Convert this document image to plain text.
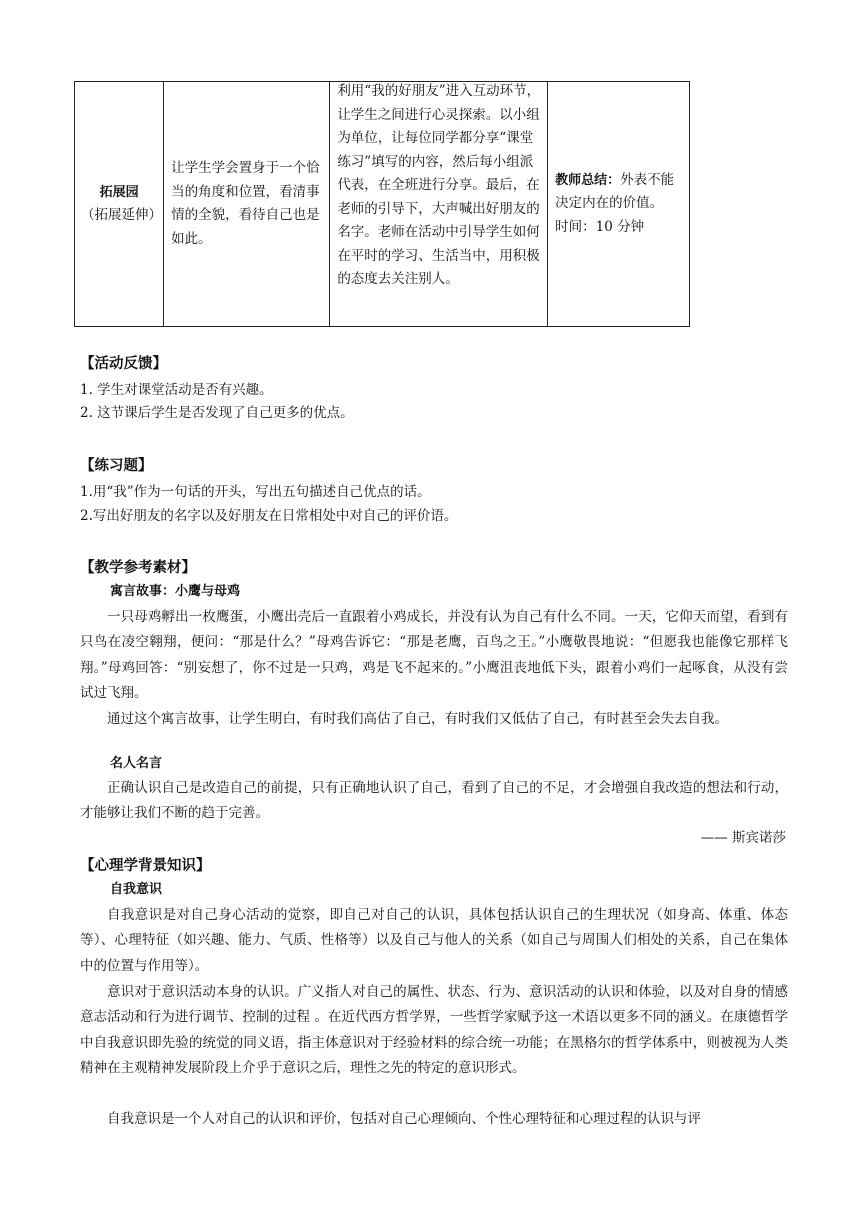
拓展园
（拓展延伸）

让学生学会置身于一个恰当的角度和位置，看清事情的全貌，看待自己也是如此。

利用“我的好朋友”进入互动环节，让学生之间进行心灵探索。以小组为单位，让每位同学都分享“课堂练习”填写的内容，然后每小组派代表，在全班进行分享。最后，在老师的引导下，大声喊出好朋友的名字。老师在活动中引导学生如何在平时的学习、生活当中，用积极的态度去关注别人。

教师总结：外表不能决定内在的价值。
时间：10 分钟

【活动反馈】

1. 学生对课堂活动是否有兴趣。

2. 这节课后学生是否发现了自己更多的优点。

【练习题】

1.用“我”作为一句话的开头，写出五句描述自己优点的话。

2.写出好朋友的名字以及好朋友在日常相处中对自己的评价语。

【教学参考素材】

寓言故事：小鹰与母鸡

一只母鸡孵出一枚鹰蛋，小鹰出壳后一直跟着小鸡成长，并没有认为自己有什么不同。一天，它仰天而望，看到有只鸟在凌空翱翔，便问：“那是什么？”母鸡告诉它：“那是老鹰，百鸟之王。”小鹰敬畏地说：“但愿我也能像它那样飞翔。”母鸡回答：“别妄想了，你不过是一只鸡，鸡是飞不起来的。”小鹰沮丧地低下头，跟着小鸡们一起啄食，从没有尝试过飞翔。

通过这个寓言故事，让学生明白，有时我们高估了自己，有时我们又低估了自己，有时甚至会失去自我。

名人名言

正确认识自己是改造自己的前提，只有正确地认识了自己，看到了自己的不足，才会增强自我改造的想法和行动，才能够让我们不断的趋于完善。

—— 斯宾诺莎

【心理学背景知识】

自我意识

自我意识是对自己身心活动的觉察，即自己对自己的认识，具体包括认识自己的生理状况（如身高、体重、体态等）、心理特征（如兴趣、能力、气质、性格等）以及自己与他人的关系（如自己与周围人们相处的关系，自己在集体中的位置与作用等）。

意识对于意识活动本身的认识。广义指人对自己的属性、状态、行为、意识活动的认识和体验，以及对自身的情感意志活动和行为进行调节、控制的过程 。在近代西方哲学界，一些哲学家赋予这一术语以更多不同的涵义。在康德哲学中自我意识即先验的统觉的同义语，指主体意识对于经验材料的综合统一功能；在黑格尔的哲学体系中，则被视为人类精神在主观精神发展阶段上介乎于意识之后，理性之先的特定的意识形式。

自我意识是一个人对自己的认识和评价，包括对自己心理倾向、个性心理特征和心理过程的认识与评
